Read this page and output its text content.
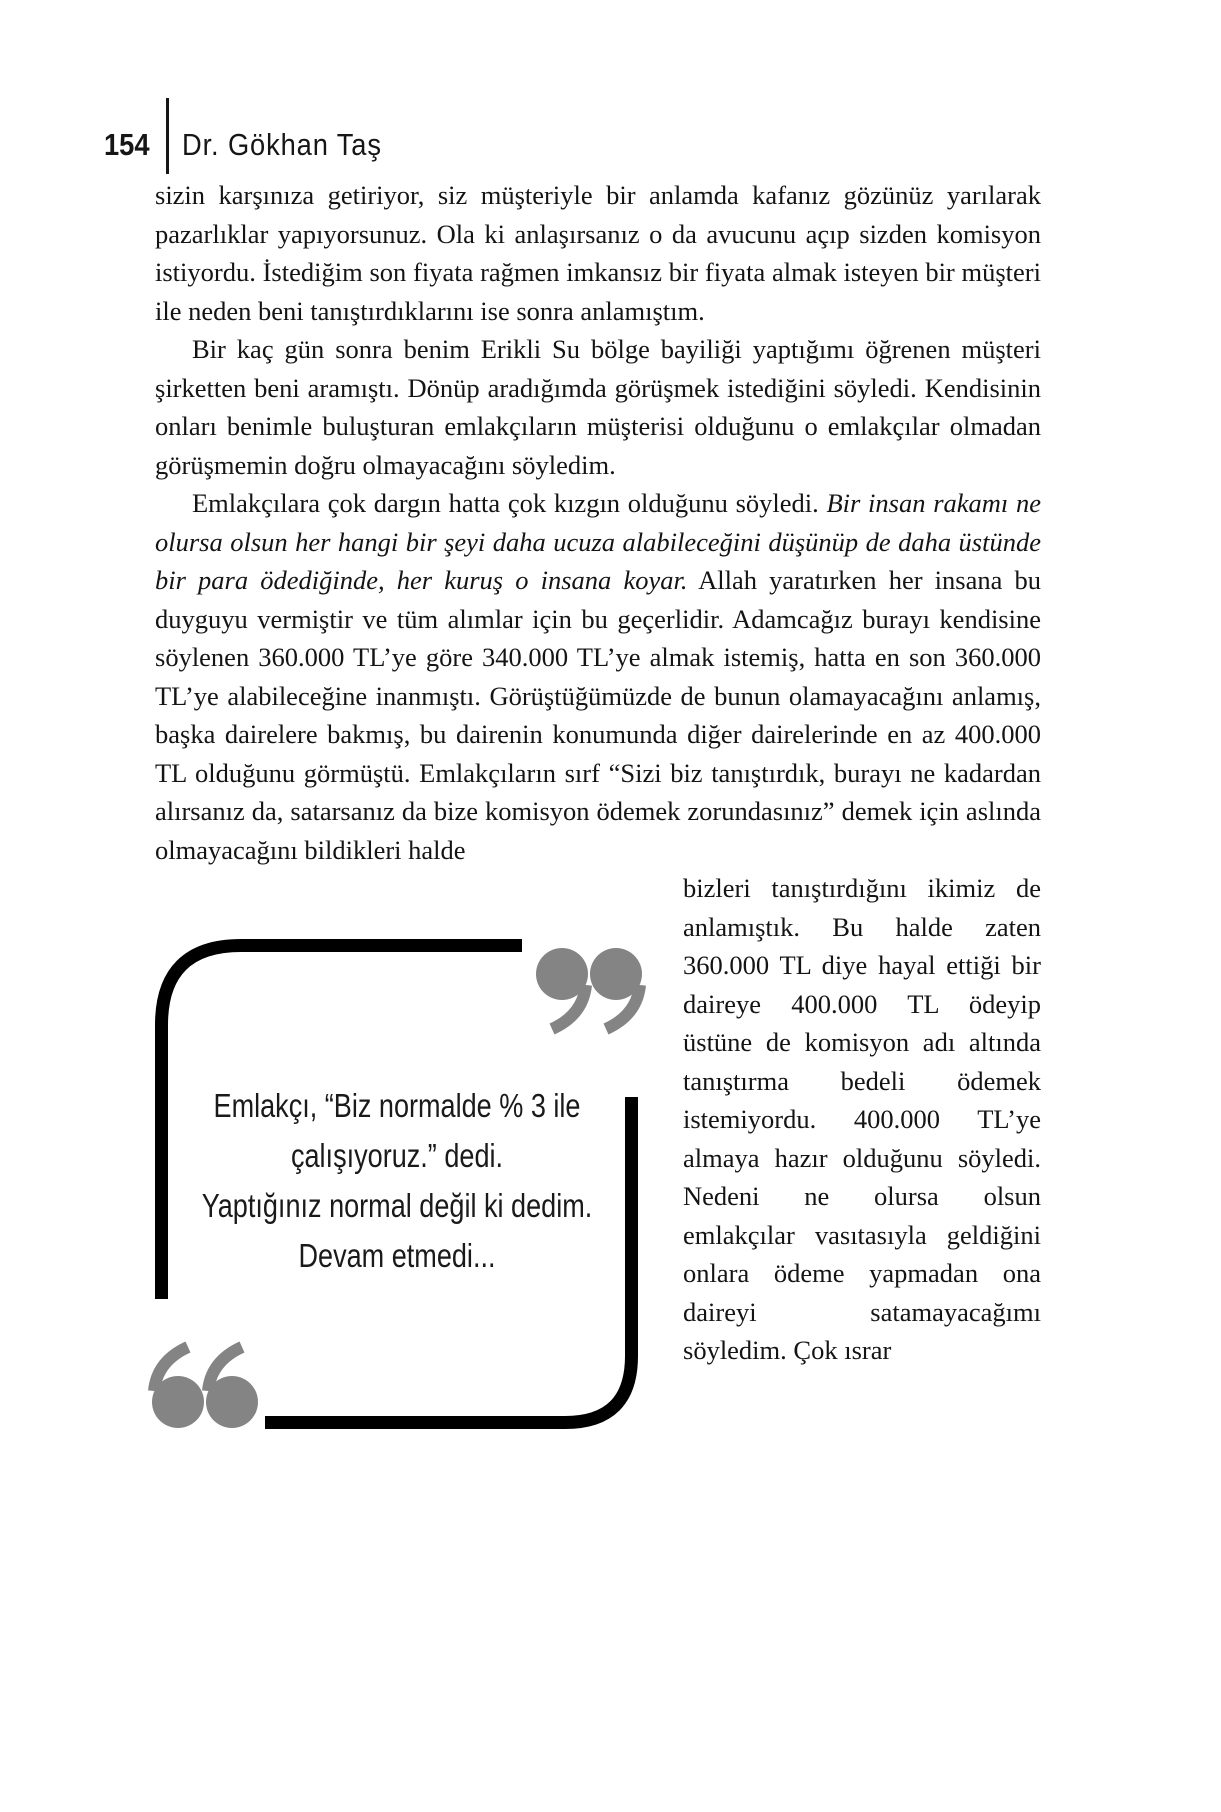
154 Dr. Gökhan Taş

sizin karşınıza getiriyor, siz müşteriyle bir anlamda kafanız gözünüz yarılarak pazarlıklar yapıyorsunuz. Ola ki anlaşırsanız o da avucunu açıp sizden komisyon istiyordu. İstediğim son fiyata rağmen imkansız bir fiyata almak isteyen bir müşteri ile neden beni tanıştırdıklarını ise sonra anlamıştım.

Bir kaç gün sonra benim Erikli Su bölge bayiliği yaptığımı öğrenen müşteri şirketten beni aramıştı. Dönüp aradığımda görüşmek istediğini söyledi. Kendisinin onları benimle buluşturan emlakçıların müşterisi olduğunu o emlakçılar olmadan görüşmemin doğru olmayacağını söyledim.

Emlakçılara çok dargın hatta çok kızgın olduğunu söyledi. Bir insan rakamı ne olursa olsun her hangi bir şeyi daha ucuza alabileceğini düşünüp de daha üstünde bir para ödediğinde, her kuruş o insana koyar. Allah yaratırken her insana bu duyguyu vermiştir ve tüm alımlar için bu geçerlidir. Adamcağız burayı kendisine söylenen 360.000 TL’ye göre 340.000 TL’ye almak istemiş, hatta en son 360.000 TL’ye alabileceğine inanmıştı. Görüştüğümüzde de bunun olamayacağını anlamış, başka dairelere bakmış, bu dairenin konumunda diğer dairelerinde en az 400.000 TL olduğunu görmüştü. Emlakçıların sırf “Sizi biz tanıştırdık, burayı ne kadardan alırsanız da, satarsanız da bize komisyon ödemek zorundasınız” demek için aslında olmayacağını bildikleri halde

Emlakçı, “Biz normalde % 3 ile
çalışıyoruz.” dedi.
Yaptığınız normal değil ki dedim.
Devam etmedi...
bizleri tanıştırdığını ikimiz de anlamıştık. Bu halde zaten 360.000 TL diye hayal ettiği bir daireye 400.000 TL ödeyip üstüne de komisyon adı altında tanıştırma bedeli ödemek istemiyordu. 400.000 TL’ye almaya hazır olduğunu söyledi. Nedeni ne olursa olsun emlakçılar vasıtasıyla geldiğini onlara ödeme yapmadan ona daireyi satamayacağımı söyledim. Çok ısrar
